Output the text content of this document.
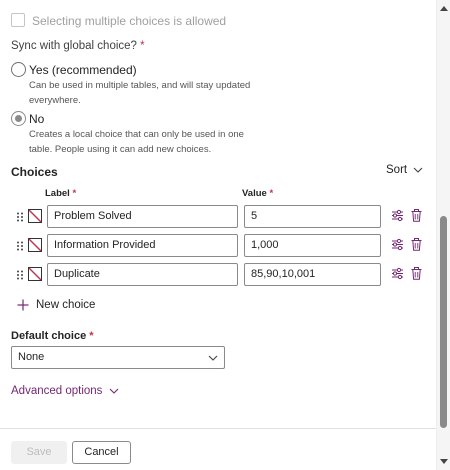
Selecting multiple choices is allowed
Sync with global choice? *
Yes (recommended)
Can be used in multiple tables, and will stay updated
everywhere.
No
Creates a local choice that can only be used in one
table. People using it can add new choices.
Choices	Sort
Label *	Value *
Problem Solved	5
Information Provided	1,000
Duplicate	85,90,10,001
New choice
Default choice *
None
Advanced options
Save	Cancel
